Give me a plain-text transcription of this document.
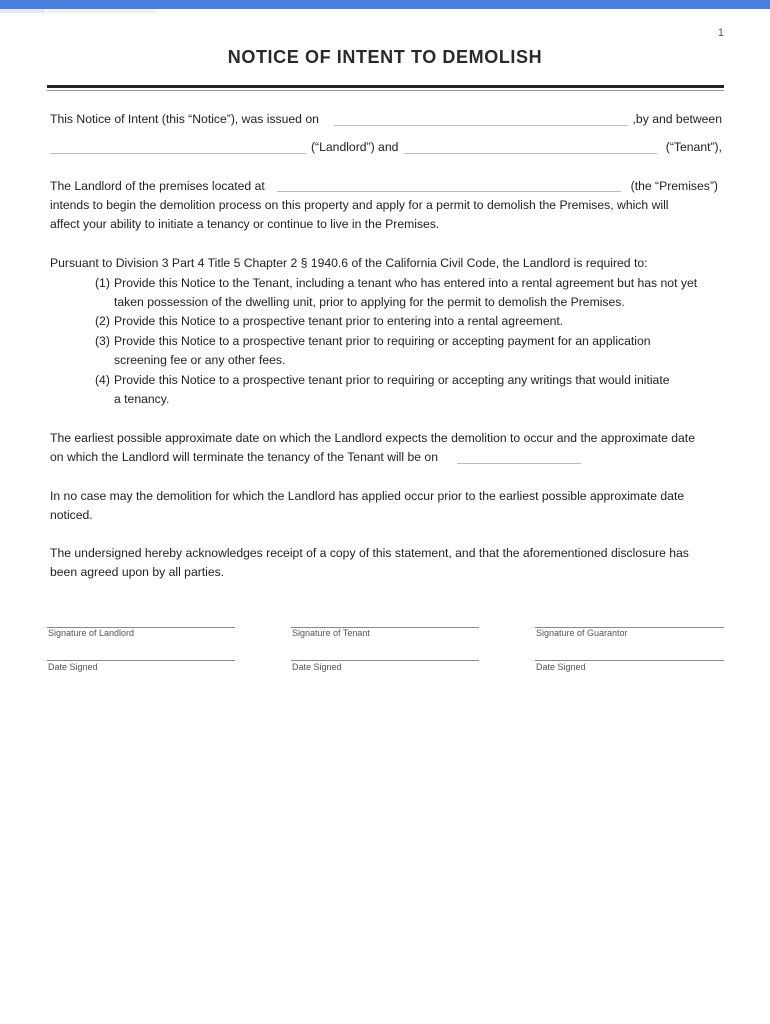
1
NOTICE OF INTENT TO DEMOLISH
This Notice of Intent (this “Notice”), was issued on	,by and between
(“Landlord”) and	(“Tenant”),
The Landlord of the premises located at	(the “Premises”)
intends to begin the demolition process on this property and apply for a permit to demolish the Premises, which will
affect your ability to initiate a tenancy or continue to live in the Premises.
Pursuant to Division 3 Part 4 Title 5 Chapter 2 § 1940.6 of the California Civil Code, the Landlord is required to:
(1) Provide this Notice to the Tenant, including a tenant who has entered into a rental agreement but has not yet
taken possession of the dwelling unit, prior to applying for the permit to demolish the Premises.
(2) Provide this Notice to a prospective tenant prior to entering into a rental agreement.
(3) Provide this Notice to a prospective tenant prior to requiring or accepting payment for an application
screening fee or any other fees.
(4) Provide this Notice to a prospective tenant prior to requiring or accepting any writings that would initiate
a tenancy.
The earliest possible approximate date on which the Landlord expects the demolition to occur and the approximate date
on which the Landlord will terminate the tenancy of the Tenant will be on
In no case may the demolition for which the Landlord has applied occur prior to the earliest possible approximate date
noticed.
The undersigned hereby acknowledges receipt of a copy of this statement, and that the aforementioned disclosure has
been agreed upon by all parties.
Signature of Landlord	Signature of Tenant	Signature of Guarantor
Date Signed	Date Signed	Date Signed
